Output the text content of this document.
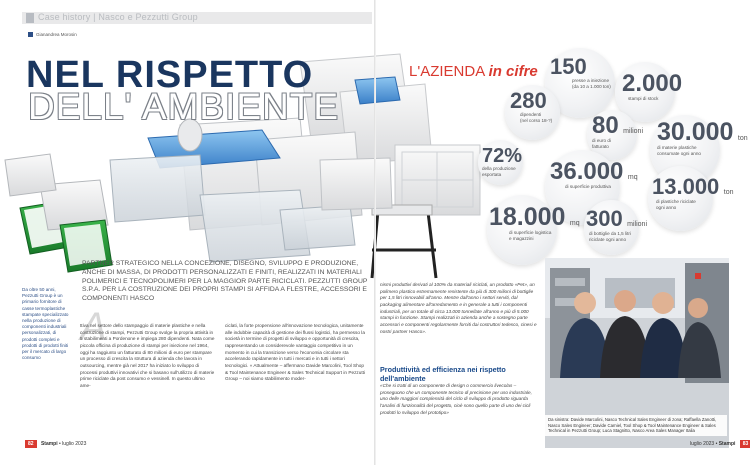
Case history | Nasco e Pezzutti Group
Gianandrea Morosin
NEL RISPETTO
DELL' AMBIENTE
L'AZIENDA in cifre 150
presse a iniezione
(da 10 a 1.000 ton) 2.000
stampi di stock
280
dipendenti
(nel corso 18-?) 80 milioni
di euro di
fatturato
30.000 ton
di materie plastiche
consumate ogni anno
72%
della produzione
esportata	36.000 mq
di superficie produttiva	13.000 ton
di plastiche riciclate
ogni anno
18.000 mq
di superficie logistica
e magazzini
300 milioni
di bottiglie da 1,5 litri
riciclate ogni anno
Da oltre 50 anni, Pezzutti Group è un primario fornitore di casse termoplastiche stampate specializzato nella produzione di componenti industriali personalizzati, di prodotti completi e prodotti di prodotti finiti per il mercato di largo consumo
PARTNER STRATEGICO NELLA CONCEZIONE, DISEGNO, SVILUPPO E PRODUZIONE, ANCHE DI MASSA, DI PRODOTTI PERSONALIZZATI E FINITI, REALIZZATI IN MATERIALI POLIMERICI E TECNOPOLIMERI PER LA MAGGIOR PARTE RICICLATI. PEZZUTTI GROUP S.P.A. PER LA COSTRUZIONE DEI PROPRI STAMPI SI AFFIDA A FLESTRE, ACCESSORI E COMPONENTI HASCO
A
ttiva nel settore dello stampaggio di materie plastiche e nella costruzione di stampi, Pezzutti Group svolge la propria attività in 5 stabilimenti a Pordenone e impiega 280 dipendenti. Nata come piccola officina di produzione di stampi per iniezione nel 1964, oggi ha raggiunto un fatturato di 80 milioni di euro per stampare un processo di crescita la struttura di azienda che lavora in outsourcing, mentre già nel 2017 ha iniziato lo sviluppo di processi produttivi innovativi che si basano sull'utilizzo di materie prime riciclate da post consumo e vessinell. In questo ultimo ame-
ciclati, la forte propensione all'innovazione tecnologica, unitamente alle indubbie capacità di gestione dei flussi logistici, ha permesso la società in termine di progetti di sviluppo e opportunità di crescita, rappresentando un considerevole vantaggio competitivo in un momento in cui la transizione verso l'economia circolare sta accelerando rapidamente in tutti i mercati e in tutti i settori tecnologici. « Attualmente – affermano Davide Marcolini, Tool Shop & Tool Maintenance Engineer & Sales Technical Support in Pezzutti Group – noi siamo stabilimento moder-
nismi produttivi derivati al 100% da materiali riciclati, un prodotto «Pet», un polimero plastico estremamente resistente da più di 300 milioni di bottiglie per 1,5 litri rinnovabili all'anno. Mentre dall'anno i settori serviti, dal packaging alimentare all'arredamento e in generale a tutti i componenti industriali, per un totale di circa 13.000 tonnellate all'anno e più di 5.000 stampi in funzione. Stampi realizzati in azienda anche a sostegno parte accessori e componenti regolarmente forniti dai costruttori tedesco, cinesi e nostri partner Hasco».
Produttività ed efficienza nei rispetto dell'ambiente
«Che si tratti di un componente di design o commercio livecolas – proseguono che un componente tecnico di precisione per uso industriale, uno delle maggiori complessità del ciclo di sviluppo di prodotto riguarda l'analisi di funzionalità del progetto, cioè sono quello parte di uno dei cicli prodotti lo sviluppo del prototipo»
Da sinistra: Davide Marcolini, Nasco Technical Sales Engineer di zona; Raffaella Zanotti, Nasco Sales Engineer; Davide Carniel, Tool Shop & Tool Maintenance Engineer & Sales Technical in Pezzutti Group; Luca Stagnitto, Nasco Area Sales Manager Italia
82 Stampi • luglio 2023	luglio 2023 • Stampi 83
